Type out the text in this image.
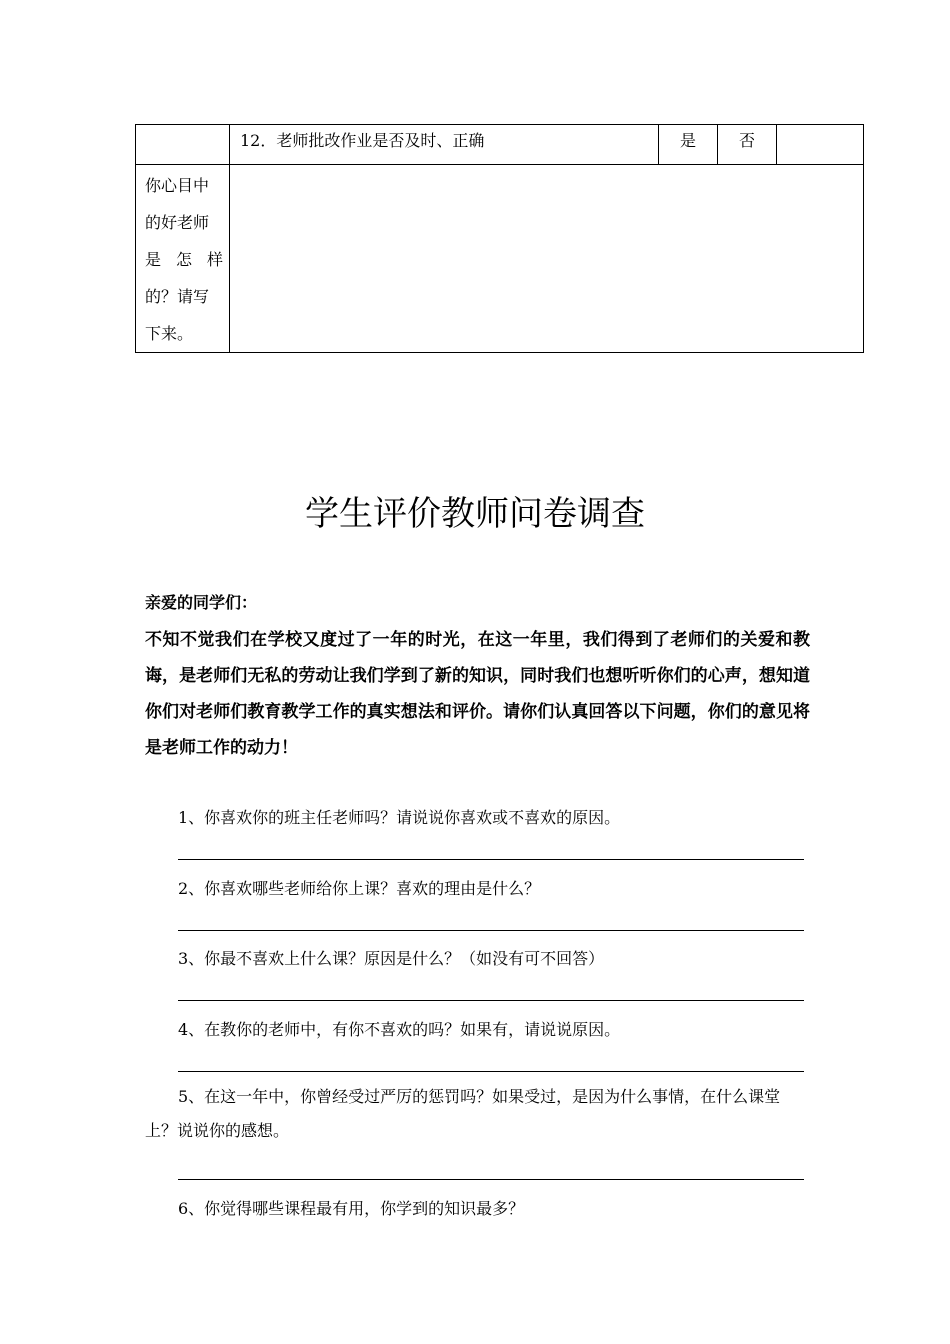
	12．老师批改作业是否及时、正确	是	否	

你心目中
的好老师
是 怎 样
的？请写
下来。				

学生评价教师问卷调查

亲爱的同学们：

不知不觉我们在学校又度过了一年的时光，在这一年里，我们得到了老师们的关爱和教诲，是老师们无私的劳动让我们学到了新的知识，同时我们也想听听你们的心声，想知道你们对老师们教育教学工作的真实想法和评价。请你们认真回答以下问题，你们的意见将是老师工作的动力！

1、你喜欢你的班主任老师吗？请说说你喜欢或不喜欢的原因。

2、你喜欢哪些老师给你上课？喜欢的理由是什么？

3、你最不喜欢上什么课？原因是什么？（如没有可不回答）

4、在教你的老师中，有你不喜欢的吗？如果有，请说说原因。

5、在这一年中，你曾经受过严厉的惩罚吗？如果受过，是因为什么事情，在什么课堂上？说说你的感想。

6、你觉得哪些课程最有用，你学到的知识最多？
